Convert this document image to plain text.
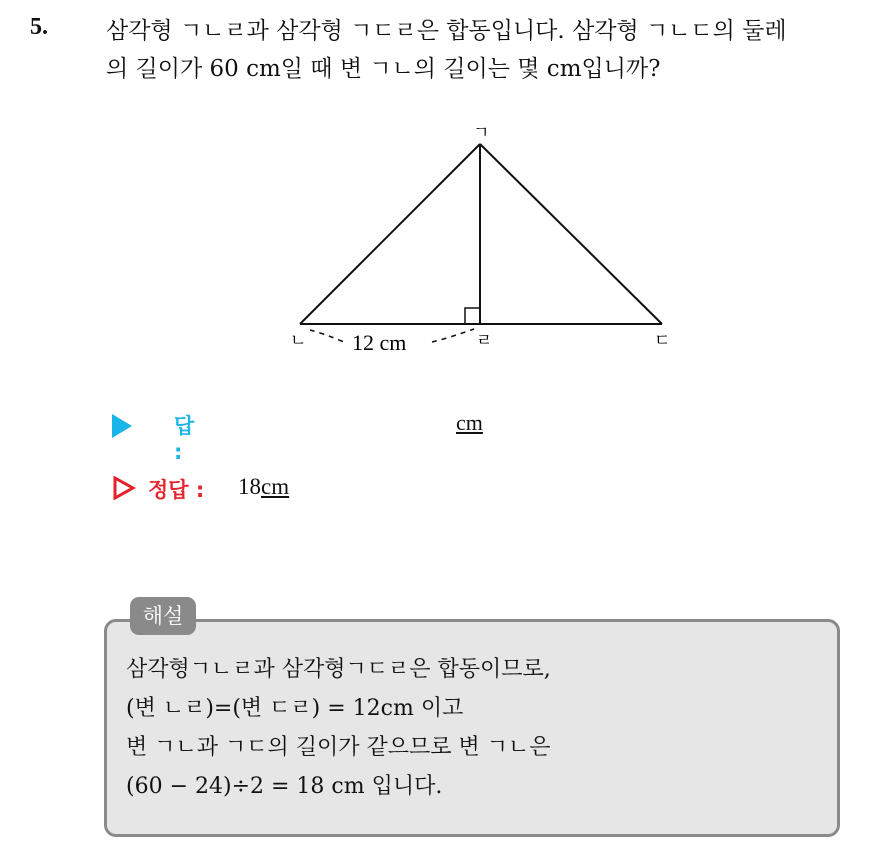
5.	삼각형 ㄱㄴㄹ과 삼각형 ㄱㄷㄹ은 합동입니다. 삼각형 ㄱㄴㄷ의 둘레
의 길이가 60 cm일 때 변 ㄱㄴ의 길이는 몇 cm입니까?
ㄱ
ㄴ	ㄹ	ㄷ
12 cm
답 :
cm
정답 : 18cm
해설
삼각형ㄱㄴㄹ과 삼각형ㄱㄷㄹ은 합동이므로,
(변 ㄴㄹ)=(변 ㄷㄹ) = 12cm 이고
변 ㄱㄴ과 ㄱㄷ의 길이가 같으므로 변 ㄱㄴ은
(60 − 24)÷2 = 18 cm 입니다.
